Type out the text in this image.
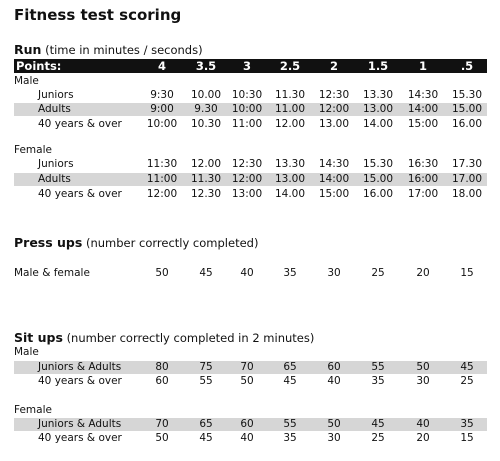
Fitness test scoring
Run (time in minutes / seconds)
Points:	4	3.5	3	2.5	2	1.5	1	.5
Male
Juniors	9:30	10.00	10:30	11.30	12:30	13.30	14:30	15.30
Adults	9:00	9.30	10:00	11.00	12:00	13.00	14:00	15.00
40 years & over	10:00	10.30	11:00	12.00	13.00	14.00	15:00	16.00
Female
Juniors	11:30	12.00	12:30	13.30	14:30	15.30	16:30	17.30
Adults	11:00	11.30	12:00	13.00	14:00	15.00	16:00	17.00
40 years & over	12:00	12.30	13:00	14.00	15:00	16.00	17:00	18.00
Press ups (number correctly completed)
Male & female	50	45	40	35	30	25	20	15
Sit ups (number correctly completed in 2 minutes)
Male
Juniors & Adults	80	75	70	65	60	55	50	45
40 years & over	60	55	50	45	40	35	30	25
Female
Juniors & Adults	70	65	60	55	50	45	40	35
40 years & over	50	45	40	35	30	25	20	15
